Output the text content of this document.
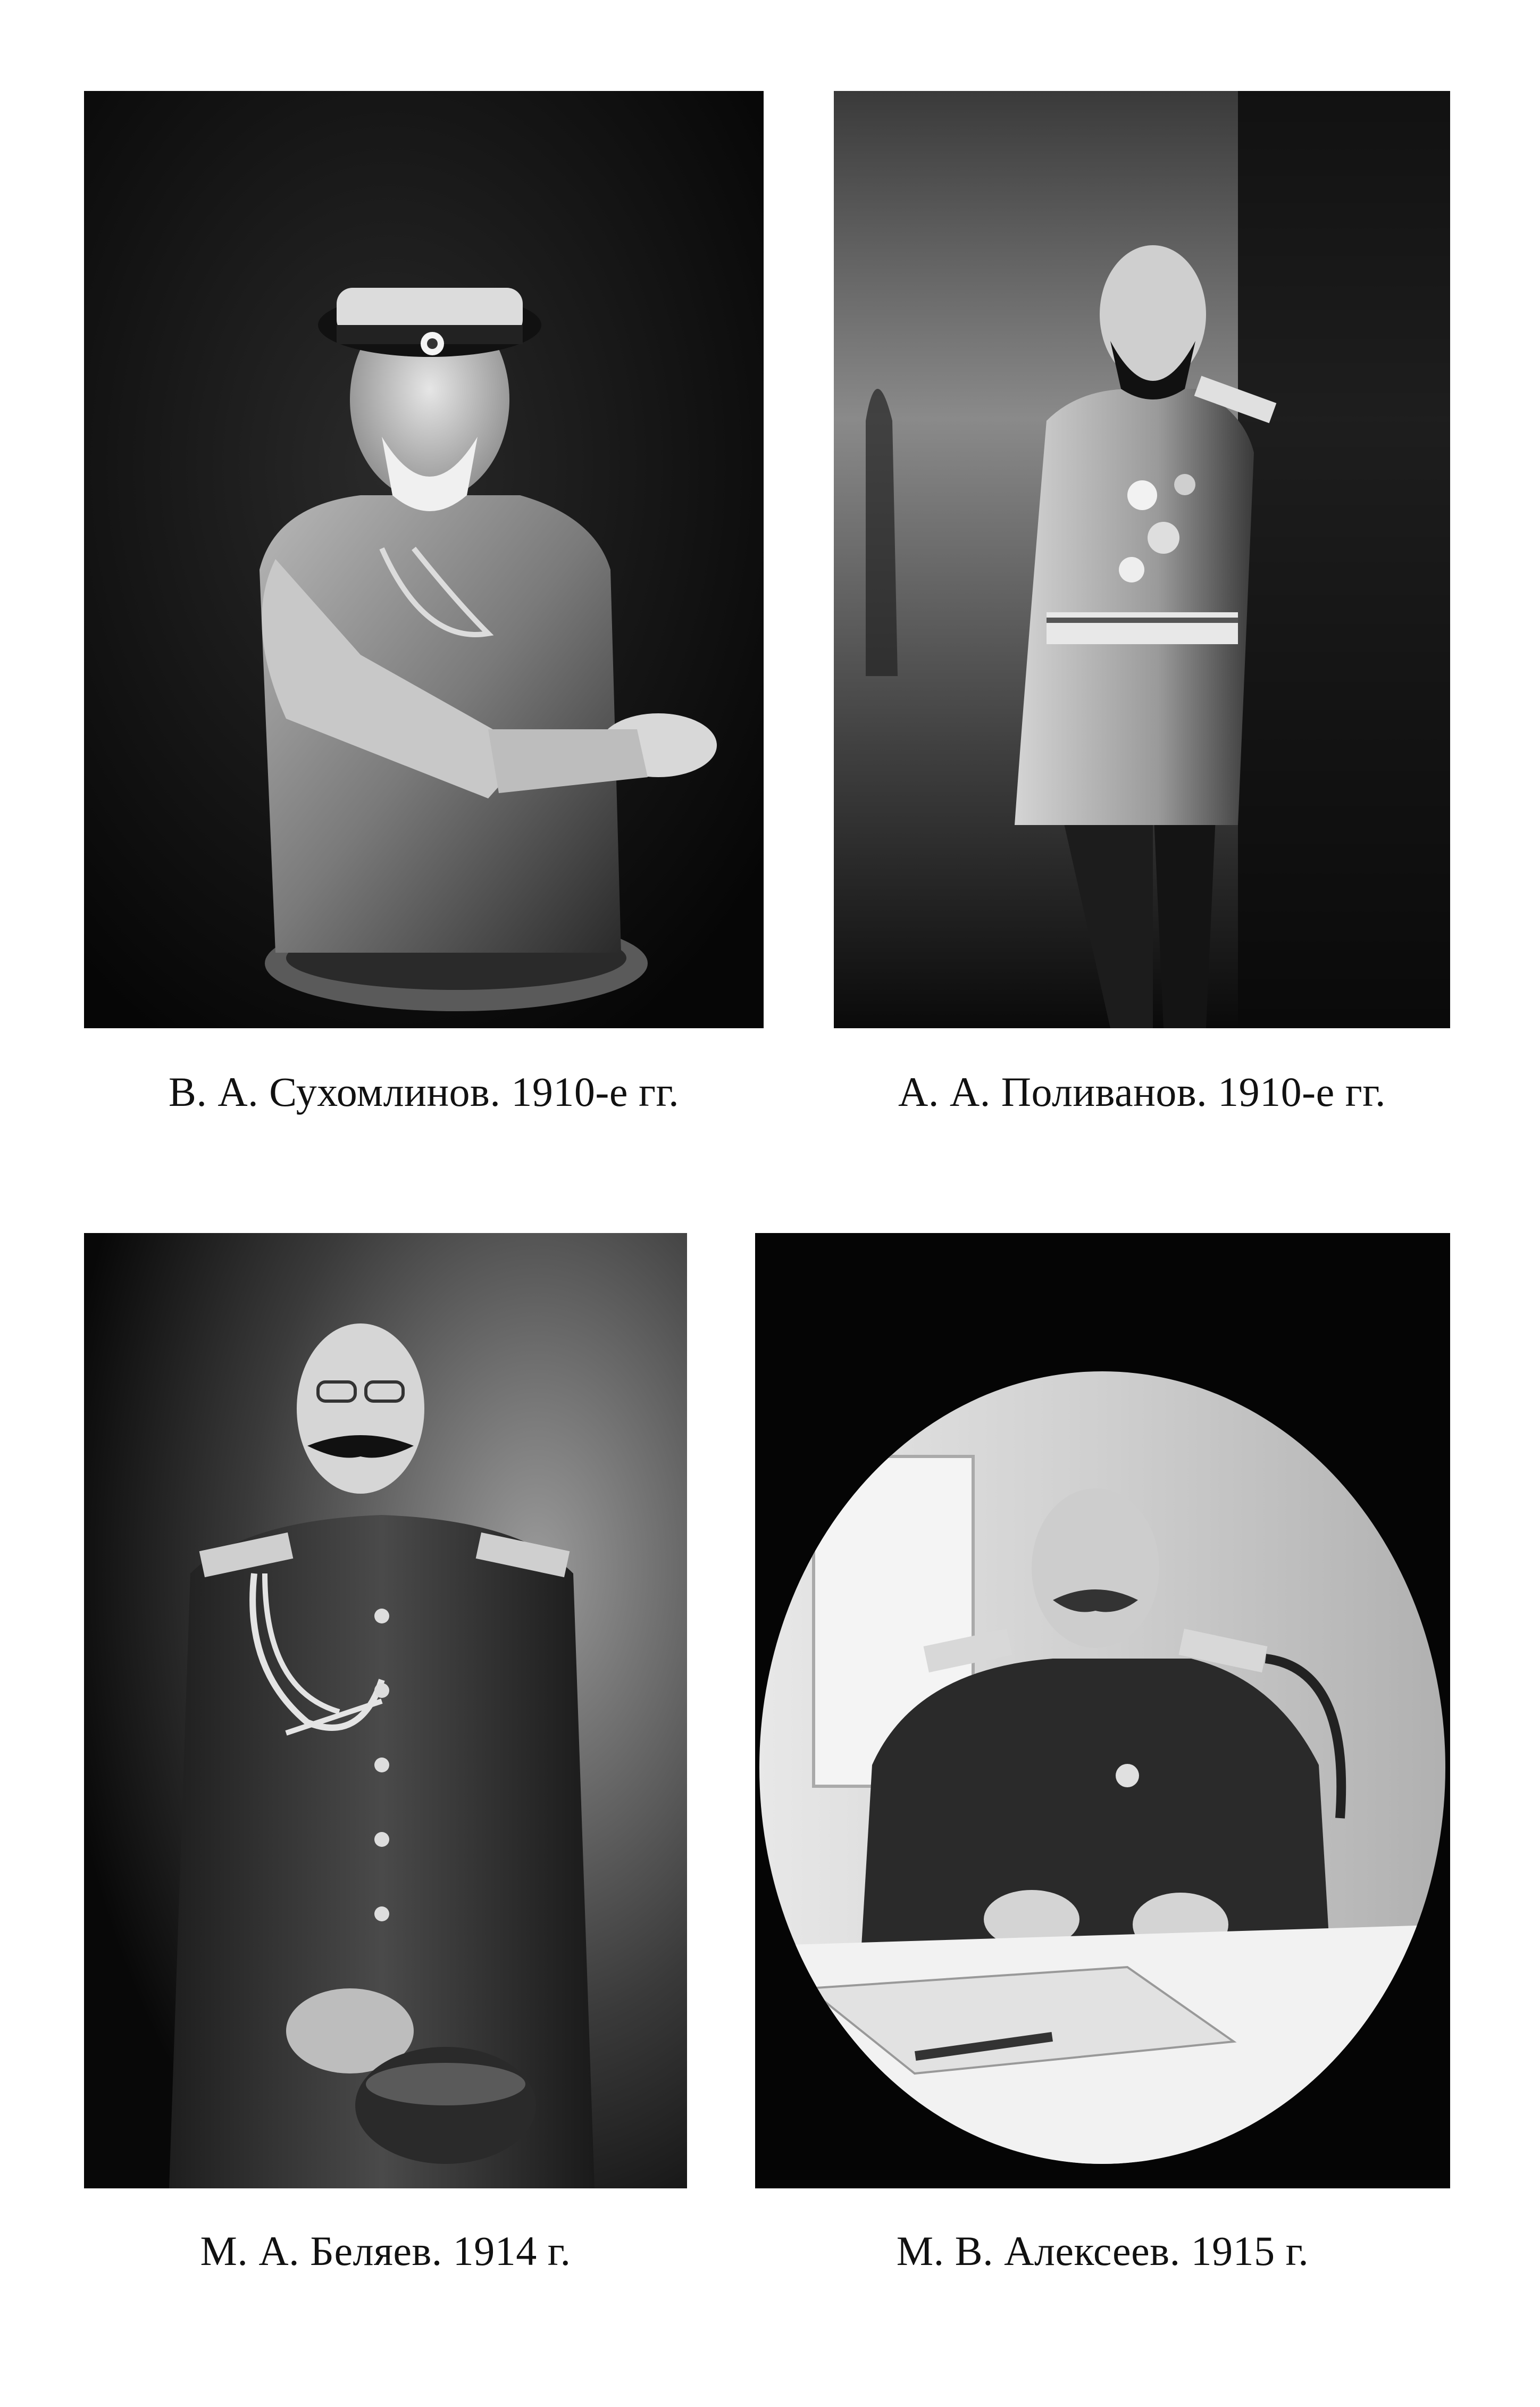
В. А. Сухомлинов. 1910-е гг.	А. А. Поливанов. 1910-е гг.
М. А. Беляев. 1914 г.	М. В. Алексеев. 1915 г.
